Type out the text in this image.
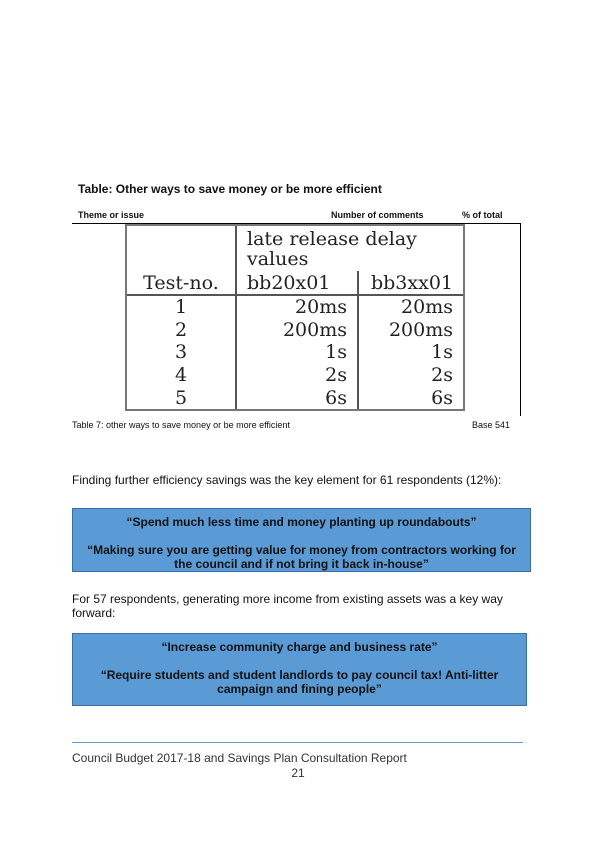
Table: Other ways to save money or be more efficient
Theme or issue	Number of comments	% of total
	late release delay values	
Test-no.	bb20x01	bb3xx01
1	20ms	20ms
2	200ms	200ms
3	1s	1s
4	2s	2s
5	6s	6s
Table 7: other ways to save money or be more efficient	Base 541
Finding further efficiency savings was the key element for 61 respondents (12%):

“Spend much less time and money planting up roundabouts”

“Making sure you are getting value for money from contractors working for the council and if not bring it back in-house”

For 57 respondents, generating more income from existing assets was a key way forward:

“Increase community charge and business rate”

“Require students and student landlords to pay council tax! Anti-litter campaign and fining people”

Council Budget 2017-18 and Savings Plan Consultation Report
21
